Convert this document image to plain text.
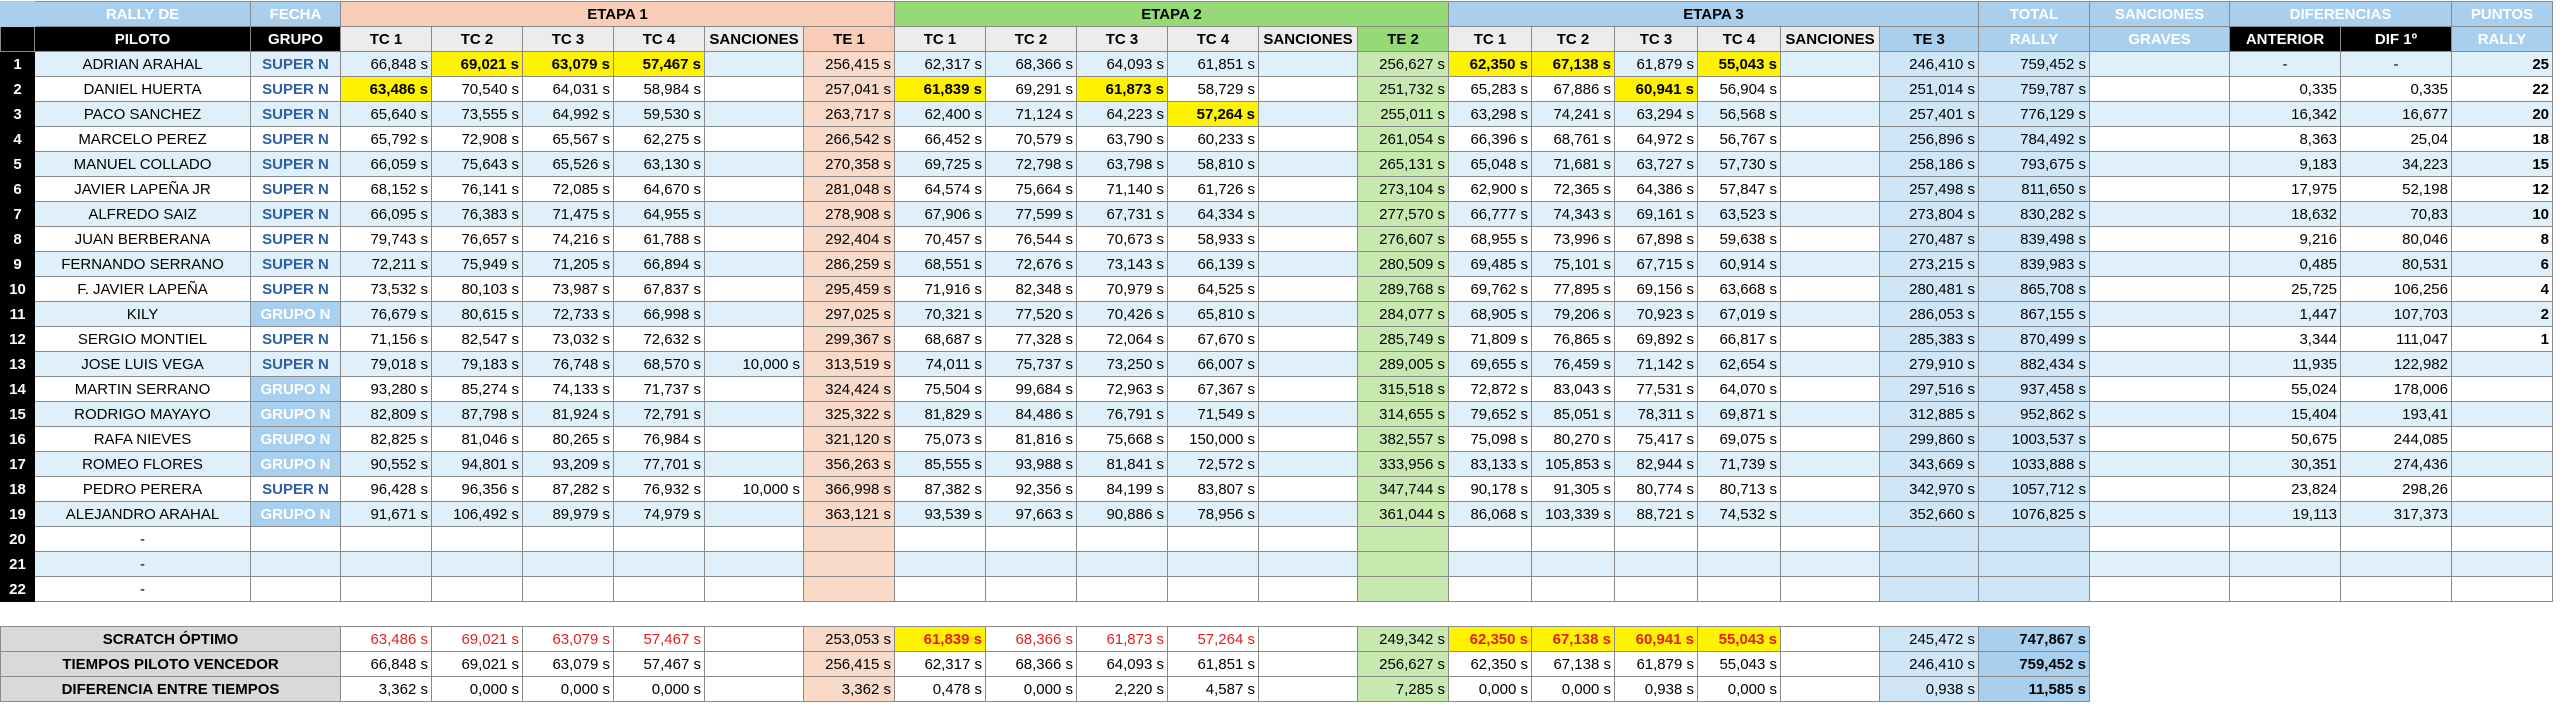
	RALLY DE	FECHA	ETAPA 1						ETAPA 2						ETAPA 3						TOTAL	SANCIONES	DIFERENCIAS		PUNTOS
	PILOTO	GRUPO	TC 1	TC 2	TC 3	TC 4	SANCIONES	TE 1	TC 1	TC 2	TC 3	TC 4	SANCIONES	TE 2	TC 1	TC 2	TC 3	TC 4	SANCIONES	TE 3	RALLY	GRAVES	ANTERIOR	DIF 1º	RALLY
1	ADRIAN ARAHAL	SUPER N	66,848 s	69,021 s	63,079 s	57,467 s		256,415 s	62,317 s	68,366 s	64,093 s	61,851 s		256,627 s	62,350 s	67,138 s	61,879 s	55,043 s		246,410 s	759,452 s		-	-	25
2	DANIEL HUERTA	SUPER N	63,486 s	70,540 s	64,031 s	58,984 s		257,041 s	61,839 s	69,291 s	61,873 s	58,729 s		251,732 s	65,283 s	67,886 s	60,941 s	56,904 s		251,014 s	759,787 s		0,335	0,335	22
3	PACO SANCHEZ	SUPER N	65,640 s	73,555 s	64,992 s	59,530 s		263,717 s	62,400 s	71,124 s	64,223 s	57,264 s		255,011 s	63,298 s	74,241 s	63,294 s	56,568 s		257,401 s	776,129 s		16,342	16,677	20
4	MARCELO PEREZ	SUPER N	65,792 s	72,908 s	65,567 s	62,275 s		266,542 s	66,452 s	70,579 s	63,790 s	60,233 s		261,054 s	66,396 s	68,761 s	64,972 s	56,767 s		256,896 s	784,492 s		8,363	25,04	18
5	MANUEL COLLADO	SUPER N	66,059 s	75,643 s	65,526 s	63,130 s		270,358 s	69,725 s	72,798 s	63,798 s	58,810 s		265,131 s	65,048 s	71,681 s	63,727 s	57,730 s		258,186 s	793,675 s		9,183	34,223	15
6	JAVIER LAPEÑA JR	SUPER N	68,152 s	76,141 s	72,085 s	64,670 s		281,048 s	64,574 s	75,664 s	71,140 s	61,726 s		273,104 s	62,900 s	72,365 s	64,386 s	57,847 s		257,498 s	811,650 s		17,975	52,198	12
7	ALFREDO SAIZ	SUPER N	66,095 s	76,383 s	71,475 s	64,955 s		278,908 s	67,906 s	77,599 s	67,731 s	64,334 s		277,570 s	66,777 s	74,343 s	69,161 s	63,523 s		273,804 s	830,282 s		18,632	70,83	10
8	JUAN BERBERANA	SUPER N	79,743 s	76,657 s	74,216 s	61,788 s		292,404 s	70,457 s	76,544 s	70,673 s	58,933 s		276,607 s	68,955 s	73,996 s	67,898 s	59,638 s		270,487 s	839,498 s		9,216	80,046	8
9	FERNANDO SERRANO	SUPER N	72,211 s	75,949 s	71,205 s	66,894 s		286,259 s	68,551 s	72,676 s	73,143 s	66,139 s		280,509 s	69,485 s	75,101 s	67,715 s	60,914 s		273,215 s	839,983 s		0,485	80,531	6
10	F. JAVIER LAPEÑA	SUPER N	73,532 s	80,103 s	73,987 s	67,837 s		295,459 s	71,916 s	82,348 s	70,979 s	64,525 s		289,768 s	69,762 s	77,895 s	69,156 s	63,668 s		280,481 s	865,708 s		25,725	106,256	4
11	KILY	GRUPO N	76,679 s	80,615 s	72,733 s	66,998 s		297,025 s	70,321 s	77,520 s	70,426 s	65,810 s		284,077 s	68,905 s	79,206 s	70,923 s	67,019 s		286,053 s	867,155 s		1,447	107,703	2
12	SERGIO MONTIEL	SUPER N	71,156 s	82,547 s	73,032 s	72,632 s		299,367 s	68,687 s	77,328 s	72,064 s	67,670 s		285,749 s	71,809 s	76,865 s	69,892 s	66,817 s		285,383 s	870,499 s		3,344	111,047	1
13	JOSE LUIS VEGA	SUPER N	79,018 s	79,183 s	76,748 s	68,570 s	10,000 s	313,519 s	74,011 s	75,737 s	73,250 s	66,007 s		289,005 s	69,655 s	76,459 s	71,142 s	62,654 s		279,910 s	882,434 s		11,935	122,982	
14	MARTIN SERRANO	GRUPO N	93,280 s	85,274 s	74,133 s	71,737 s		324,424 s	75,504 s	99,684 s	72,963 s	67,367 s		315,518 s	72,872 s	83,043 s	77,531 s	64,070 s		297,516 s	937,458 s		55,024	178,006	
15	RODRIGO MAYAYO	GRUPO N	82,809 s	87,798 s	81,924 s	72,791 s		325,322 s	81,829 s	84,486 s	76,791 s	71,549 s		314,655 s	79,652 s	85,051 s	78,311 s	69,871 s		312,885 s	952,862 s		15,404	193,41	
16	RAFA NIEVES	GRUPO N	82,825 s	81,046 s	80,265 s	76,984 s		321,120 s	75,073 s	81,816 s	75,668 s	150,000 s		382,557 s	75,098 s	80,270 s	75,417 s	69,075 s		299,860 s	1003,537 s		50,675	244,085	
17	ROMEO FLORES	GRUPO N	90,552 s	94,801 s	93,209 s	77,701 s		356,263 s	85,555 s	93,988 s	81,841 s	72,572 s		333,956 s	83,133 s	105,853 s	82,944 s	71,739 s		343,669 s	1033,888 s		30,351	274,436	
18	PEDRO PERERA	SUPER N	96,428 s	96,356 s	87,282 s	76,932 s	10,000 s	366,998 s	87,382 s	92,356 s	84,199 s	83,807 s		347,744 s	90,178 s	91,305 s	80,774 s	80,713 s		342,970 s	1057,712 s		23,824	298,26	
19	ALEJANDRO ARAHAL	GRUPO N	91,671 s	106,492 s	89,979 s	74,979 s		363,121 s	93,539 s	97,663 s	90,886 s	78,956 s		361,044 s	86,068 s	103,339 s	88,721 s	74,532 s		352,660 s	1076,825 s		19,113	317,373	
20	-																								
21	-																								
22	-																								
SCRATCH ÓPTIMO	63,486 s	69,021 s	63,079 s	57,467 s		253,053 s	61,839 s	68,366 s	61,873 s	57,264 s		249,342 s	62,350 s	67,138 s	60,941 s	55,043 s		245,472 s	747,867 s
TIEMPOS PILOTO VENCEDOR	66,848 s	69,021 s	63,079 s	57,467 s		256,415 s	62,317 s	68,366 s	64,093 s	61,851 s		256,627 s	62,350 s	67,138 s	61,879 s	55,043 s		246,410 s	759,452 s
DIFERENCIA ENTRE TIEMPOS	3,362 s	0,000 s	0,000 s	0,000 s		3,362 s	0,478 s	0,000 s	2,220 s	4,587 s		7,285 s	0,000 s	0,000 s	0,938 s	0,000 s		0,938 s	11,585 s
